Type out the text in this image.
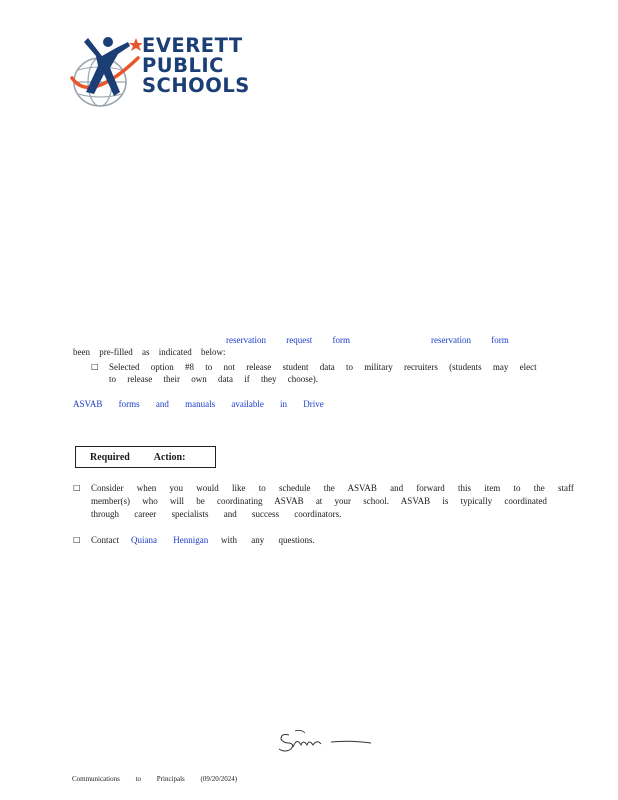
EVERETT
PUBLIC
SCHOOLS
reservation request form	reservation form
been pre-filled as indicated below:
□ Selected option #8 to not release student data to military recruiters (students may elect
to release their own data if they choose).
ASVAB forms and manuals available in Drive
Required Action:
□ Consider when you would like to schedule the ASVAB and forward this item to the staff
member(s) who will be coordinating ASVAB at your school. ASVAB is typically coordinated
through career specialists and success coordinators.
□ Contact Quiana Hennigan with any questions.
Communications to Principals (09/20/2024)
